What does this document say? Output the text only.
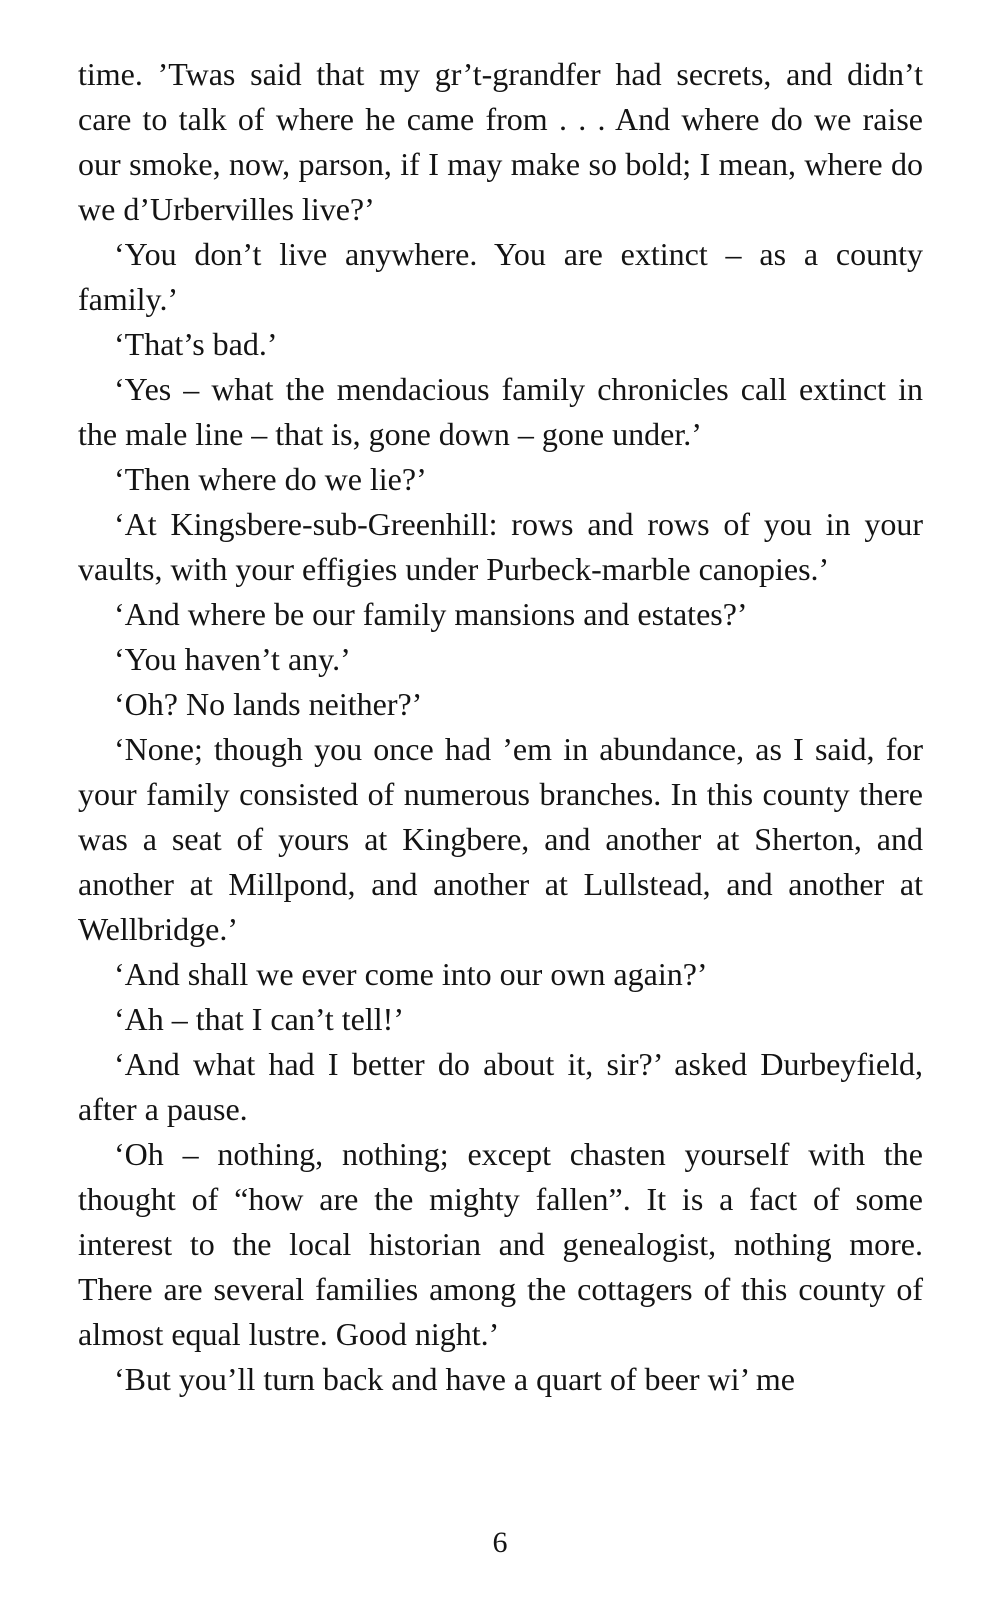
time. ’Twas said that my gr’t-grandfer had secrets, and didn’t care to talk of where he came from . . . And where do we raise our smoke, now, parson, if I may make so bold; I mean, where do we d’Urbervilles live?’

‘You don’t live anywhere. You are extinct – as a county family.’

‘That’s bad.’

‘Yes – what the mendacious family chronicles call extinct in the male line – that is, gone down – gone under.’

‘Then where do we lie?’

‘At Kingsbere-sub-Greenhill: rows and rows of you in your vaults, with your effigies under Purbeck-marble canopies.’

‘And where be our family mansions and estates?’

‘You haven’t any.’

‘Oh? No lands neither?’

‘None; though you once had ’em in abundance, as I said, for your family consisted of numerous branches. In this county there was a seat of yours at Kingbere, and another at Sherton, and another at Millpond, and another at Lullstead, and another at Wellbridge.’

‘And shall we ever come into our own again?’

‘Ah – that I can’t tell!’

‘And what had I better do about it, sir?’ asked Durbeyfield, after a pause.

‘Oh – nothing, nothing; except chasten yourself with the thought of “how are the mighty fallen”. It is a fact of some interest to the local historian and genealogist, nothing more. There are several families among the cottagers of this county of almost equal lustre. Good night.’

‘But you’ll turn back and have a quart of beer wi’ me

6
